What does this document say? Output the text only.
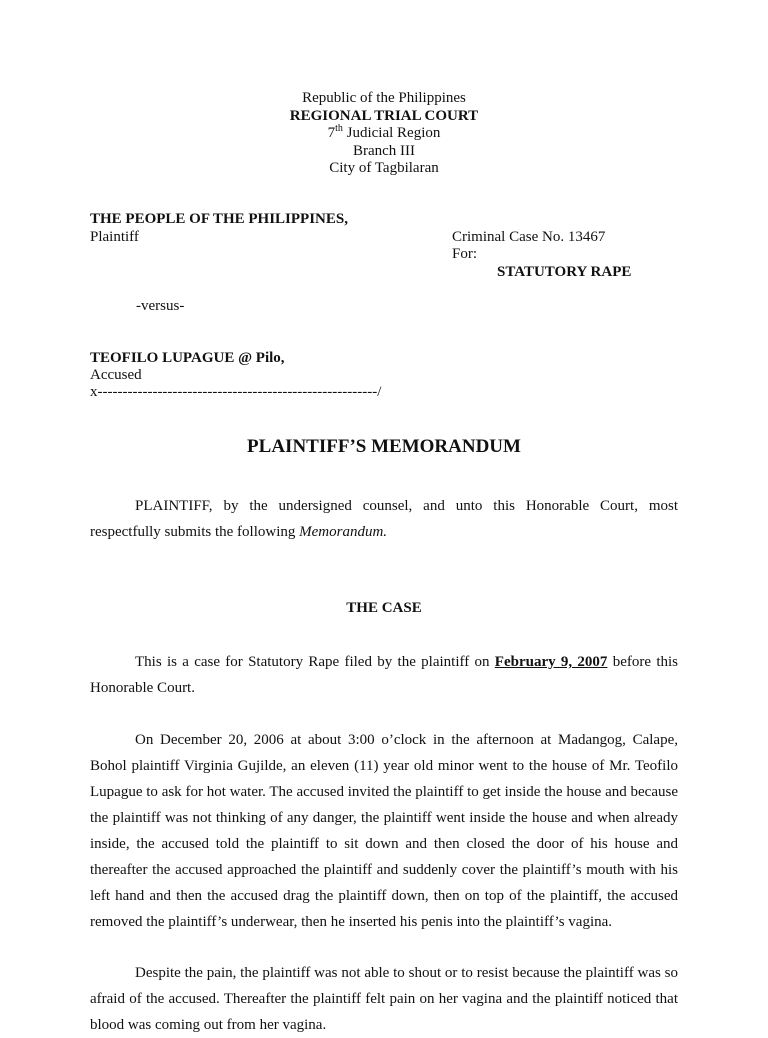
Republic of the Philippines
REGIONAL TRIAL COURT
7th Judicial Region
Branch III
City of Tagbilaran
THE PEOPLE OF THE PHILIPPINES,
Plaintiff	Criminal Case No. 13467
For:
STATUTORY RAPE
-versus-
TEOFILO LUPAGUE @ Pilo,
Accused
x--------------------------------------------------------/
PLAINTIFF’S MEMORANDUM
PLAINTIFF, by the undersigned counsel, and unto this Honorable Court, most respectfully submits the following Memorandum.
THE CASE
This is a case for Statutory Rape filed by the plaintiff on February 9, 2007 before this Honorable Court.
On December 20, 2006 at about 3:00 o’clock in the afternoon at Madangog, Calape, Bohol plaintiff Virginia Gujilde, an eleven (11) year old minor went to the house of Mr. Teofilo Lupague to ask for hot water. The accused invited the plaintiff to get inside the house and because the plaintiff was not thinking of any danger, the plaintiff went inside the house and when already inside, the accused told the plaintiff to sit down and then closed the door of his house and thereafter the accused approached the plaintiff and suddenly cover the plaintiff’s mouth with his left hand and then the accused drag the plaintiff down, then on top of the plaintiff, the accused removed the plaintiff’s underwear, then he inserted his penis into the plaintiff’s vagina.
Despite the pain, the plaintiff was not able to shout or to resist because the plaintiff was so afraid of the accused. Thereafter the plaintiff felt pain on her vagina and the plaintiff noticed that blood was coming out from her vagina.
